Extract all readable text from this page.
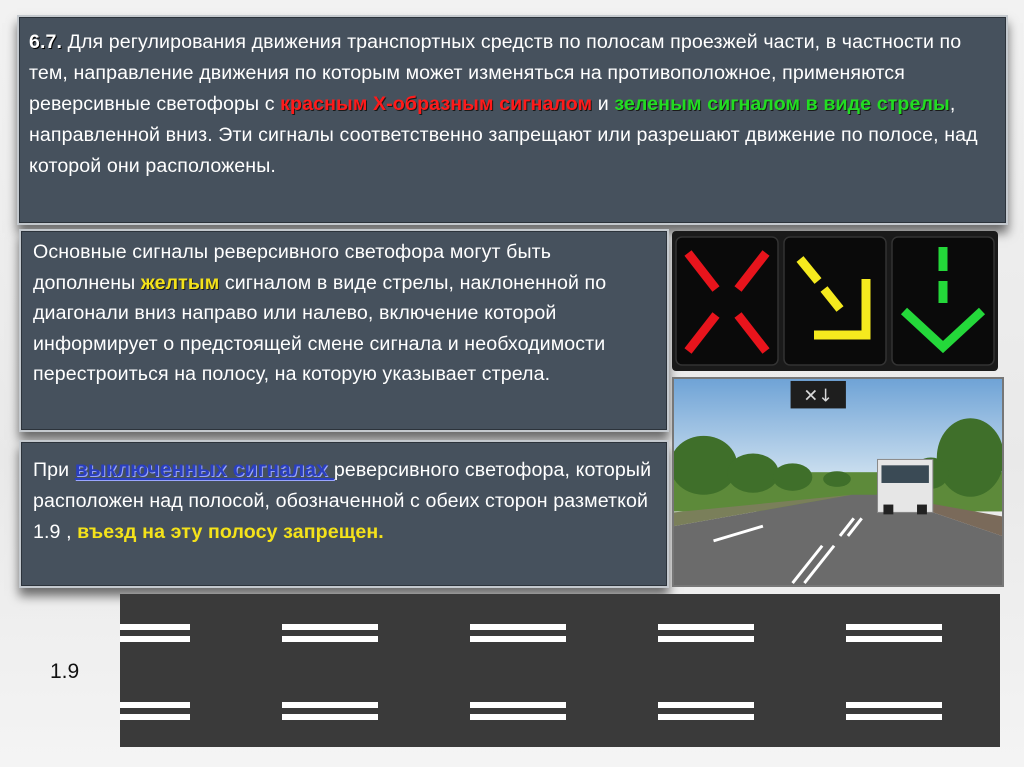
6.7. Для регулирования движения транспортных средств по полосам проезжей части, в частности по тем, направление движения по которым может изменяться на противоположное, применяются реверсивные светофоры с красным Х-образным сигналом и зеленым сигналом в виде стрелы, направленной вниз. Эти сигналы соответственно запрещают или разрешают движение по полосе, над которой они расположены.
Основные сигналы реверсивного светофора могут быть дополнены желтым сигналом в виде стрелы, наклоненной по диагонали вниз направо или налево, включение которой информирует о предстоящей смене сигнала и необходимости перестроиться на полосу, на которую указывает стрела.
При выключенных сигналах реверсивного светофора, который расположен над полосой, обозначенной с обеих сторон разметкой 1.9 , въезд на эту полосу запрещен.
✕↓
1.9
